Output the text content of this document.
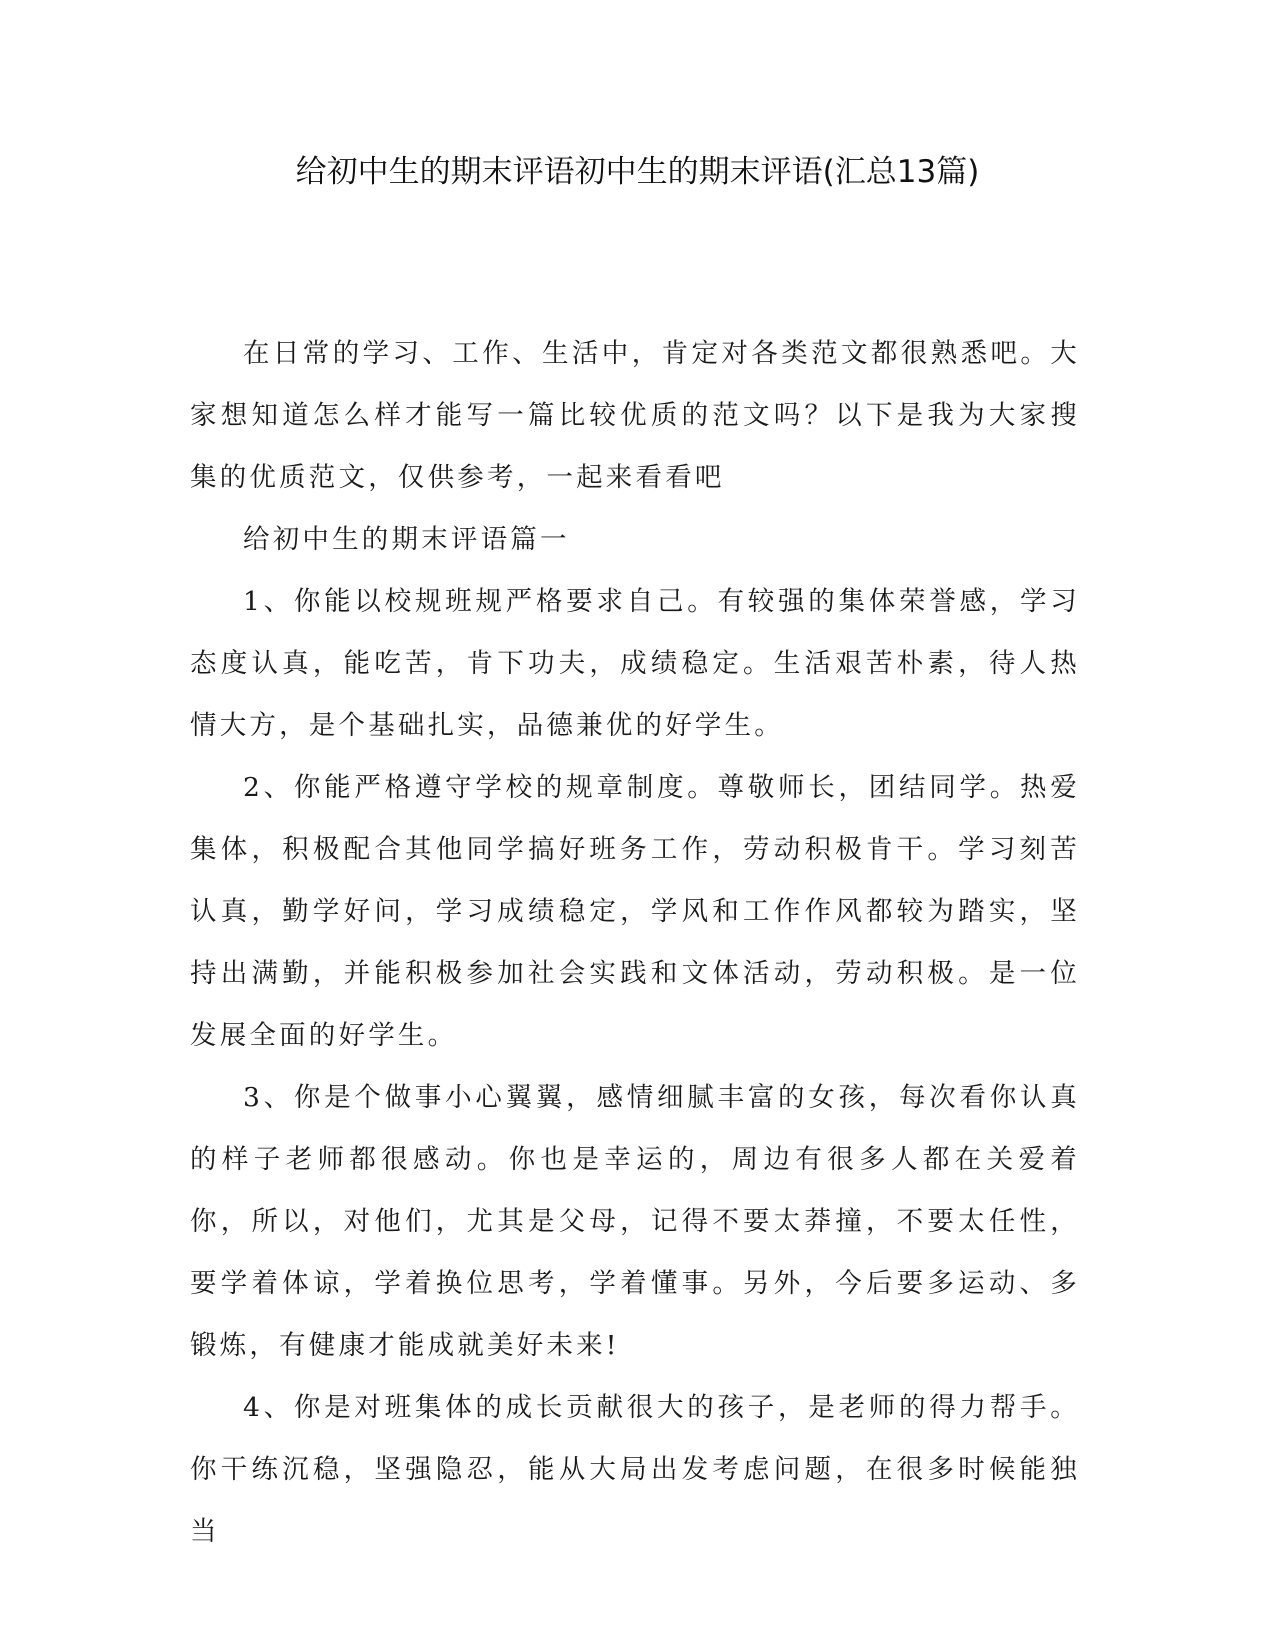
给初中生的期末评语初中生的期末评语(汇总13篇)

在日常的学习、工作、生活中，肯定对各类范文都很熟悉吧。大家想知道怎么样才能写一篇比较优质的范文吗？以下是我为大家搜集的优质范文，仅供参考，一起来看看吧

给初中生的期末评语篇一

1、你能以校规班规严格要求自己。有较强的集体荣誉感，学习态度认真，能吃苦，肯下功夫，成绩稳定。生活艰苦朴素，待人热情大方，是个基础扎实，品德兼优的好学生。

2、你能严格遵守学校的规章制度。尊敬师长，团结同学。热爱集体，积极配合其他同学搞好班务工作，劳动积极肯干。学习刻苦认真，勤学好问，学习成绩稳定，学风和工作作风都较为踏实，坚持出满勤，并能积极参加社会实践和文体活动，劳动积极。是一位发展全面的好学生。

3、你是个做事小心翼翼，感情细腻丰富的女孩，每次看你认真的样子老师都很感动。你也是幸运的，周边有很多人都在关爱着你，所以，对他们，尤其是父母，记得不要太莽撞，不要太任性，要学着体谅，学着换位思考，学着懂事。另外，今后要多运动、多锻炼，有健康才能成就美好未来!

4、你是对班集体的成长贡献很大的孩子，是老师的得力帮手。你干练沉稳，坚强隐忍，能从大局出发考虑问题，在很多时候能独当
